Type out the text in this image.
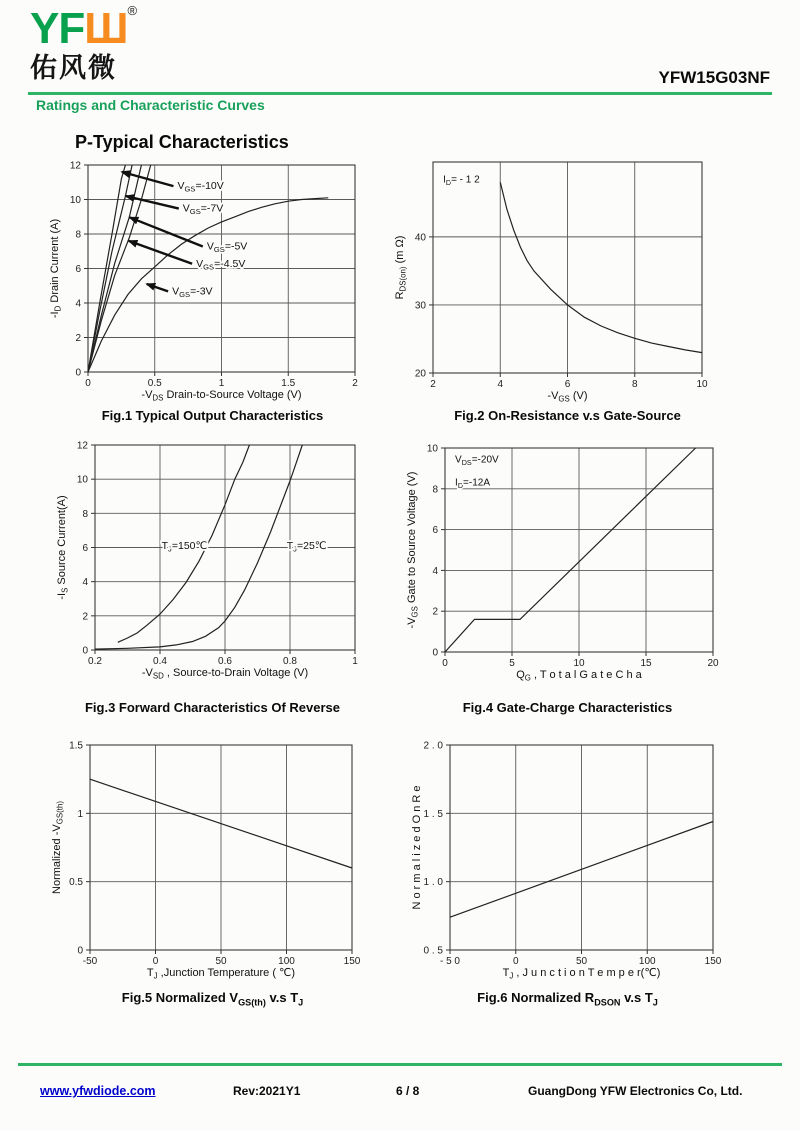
YFШ®
佑风微	YFW15G03NF
Ratings and Characteristic Curves
P-Typical Characteristics
0	0.5	1	1.5	2
0
2
4
6
8
10
12
$-V_{DS}$ Drain-to-Source Voltage (V)
$-I_D$ Drain Current (A)
$V_{GS}=-10V$
$V_{GS}=-7V$
$V_{GS}=-5V$
$V_{GS}=-4.5V$
$V_{GS}=-3V$
Fig.1 Typical Output Characteristics
2	4	6	8	10
20
30
40
$-V_{GS}$ (V)
$R_{DS(on)}$ (m Ω)
$I_D= - 1$ 2
Fig.2 On-Resistance v.s Gate-Source
0.2	0.4	0.6	0.8	1
0
2
4
6
8
10
12
$-V_{SD}$ , Source-to-Drain Voltage (V)
$-I_S$ Source Current(A)	$T_J=150℃$	$T_J=25℃$
Fig.3 Forward Characteristics Of Reverse
0	5	10	15	20
0
2
4
6
8
10
$Q_G$ , T o t a l G a t e C h a
$-V_{GS}$ Gate to Source Voltage (V)
$V_{DS}=-20V$
$I_D=-12A$
Fig.4 Gate-Charge Characteristics
-50	0	50	100	150
0
0.5
1
1.5
$T_J$ ,Junction Temperature ( ℃)
Normalized $-V_{GS(th)}$
Fig.5 Normalized $V_{GS(th)}$ v.s $T_J$
- 5 0	0	50	100	150
0 . 5
1 . 0
1 . 5
2 . 0
$T_J$ , J u n c t i o n T e m p e r(℃)
N o r m a l i z e d O n R e
Fig.6 Normalized $R_{DSON}$ v.s $T_J$
www.yfwdiode.com	Rev:2021Y1	6 / 8	GuangDong YFW Electronics Co, Ltd.
